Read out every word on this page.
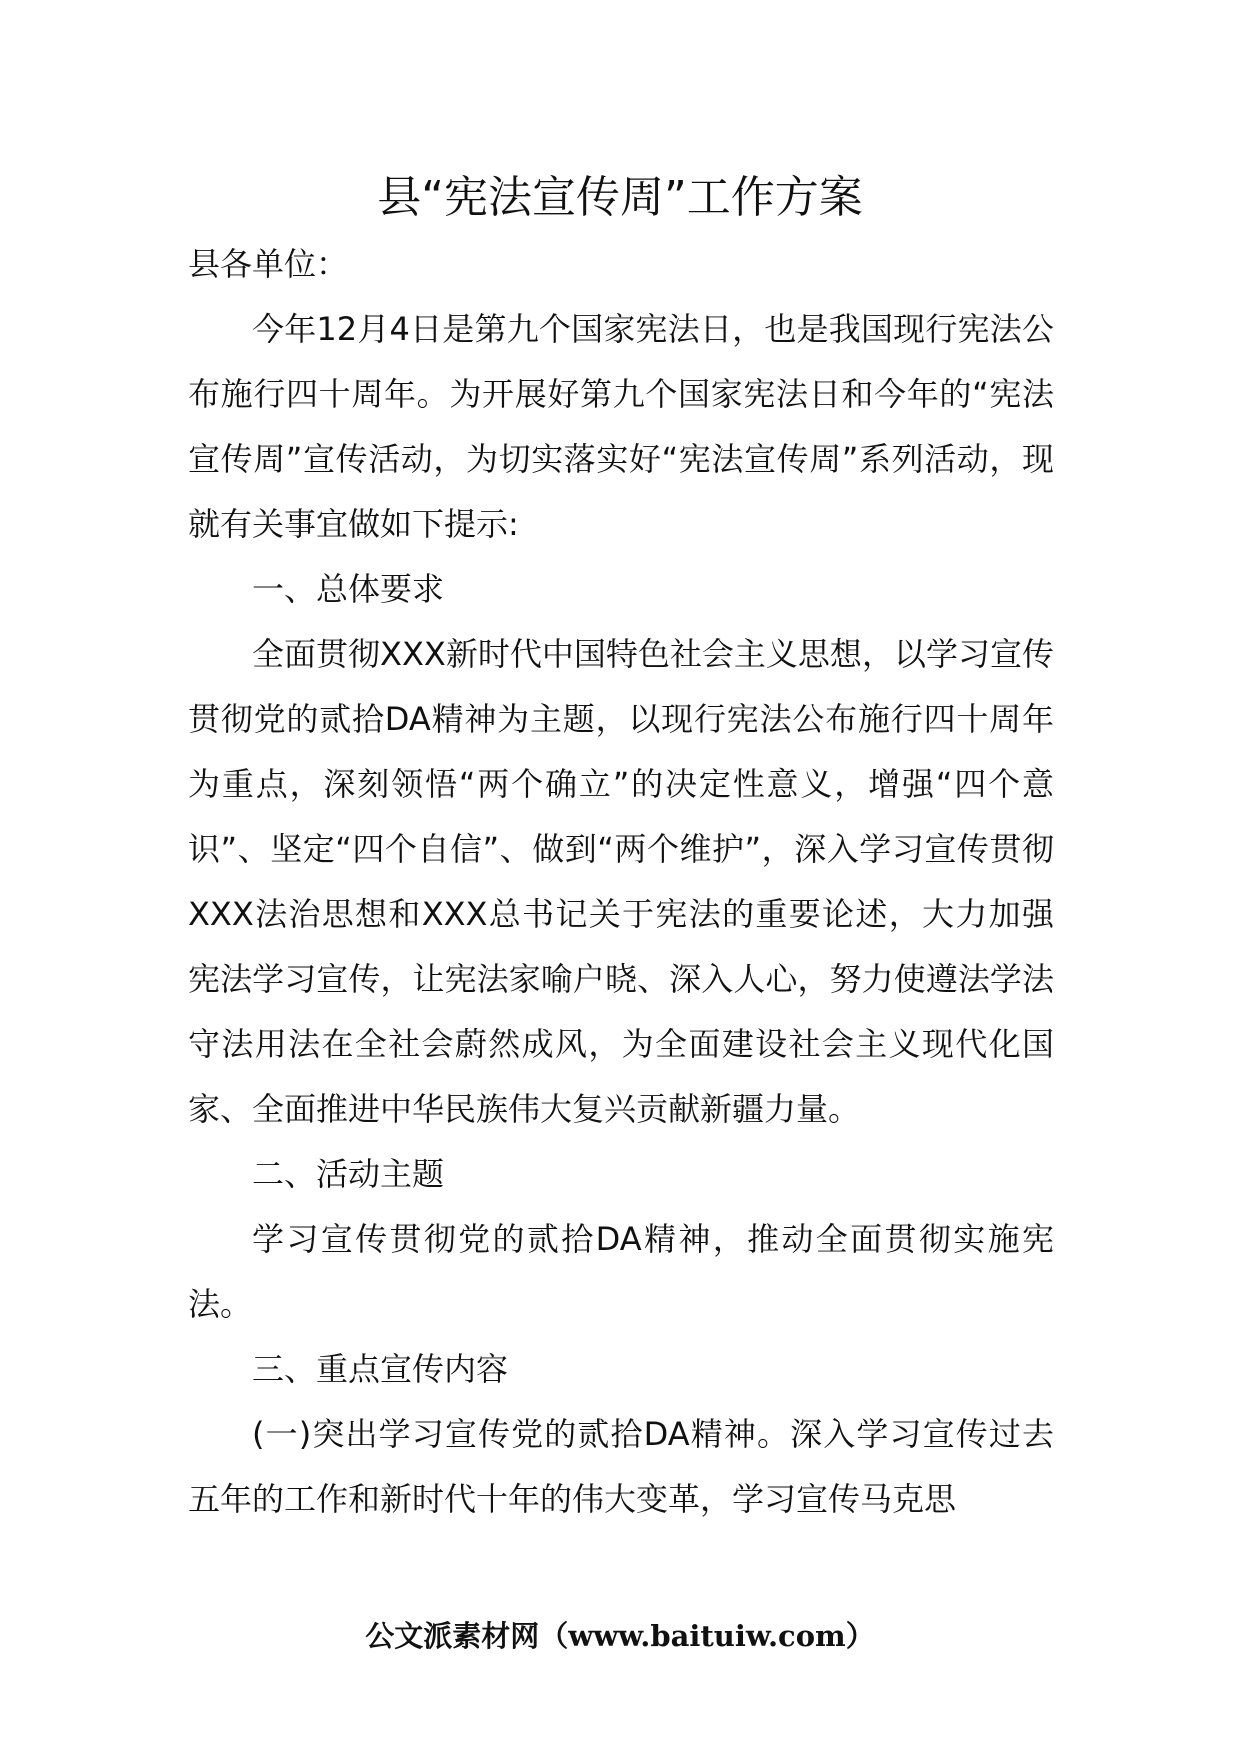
县“宪法宣传周”工作方案

县各单位：

今年12月4日是第九个国家宪法日，也是我国现行宪法公布施行四十周年。为开展好第九个国家宪法日和今年的“宪法宣传周”宣传活动，为切实落实好“宪法宣传周”系列活动，现就有关事宜做如下提示:

一、总体要求

全面贯彻XXX新时代中国特色社会主义思想，以学习宣传贯彻党的贰拾DA精神为主题，以现行宪法公布施行四十周年为重点，深刻领悟“两个确立”的决定性意义，增强“四个意识”、坚定“四个自信”、做到“两个维护”，深入学习宣传贯彻XXX法治思想和XXX总书记关于宪法的重要论述，大力加强宪法学习宣传，让宪法家喻户晓、深入人心，努力使遵法学法守法用法在全社会蔚然成风，为全面建设社会主义现代化国家、全面推进中华民族伟大复兴贡献新疆力量。

二、活动主题

学习宣传贯彻党的贰拾DA精神，推动全面贯彻实施宪法。

三、重点宣传内容

(一)突出学习宣传党的贰拾DA精神。深入学习宣传过去五年的工作和新时代十年的伟大变革，学习宣传马克思

公文派素材网（www.baituiw.com）
